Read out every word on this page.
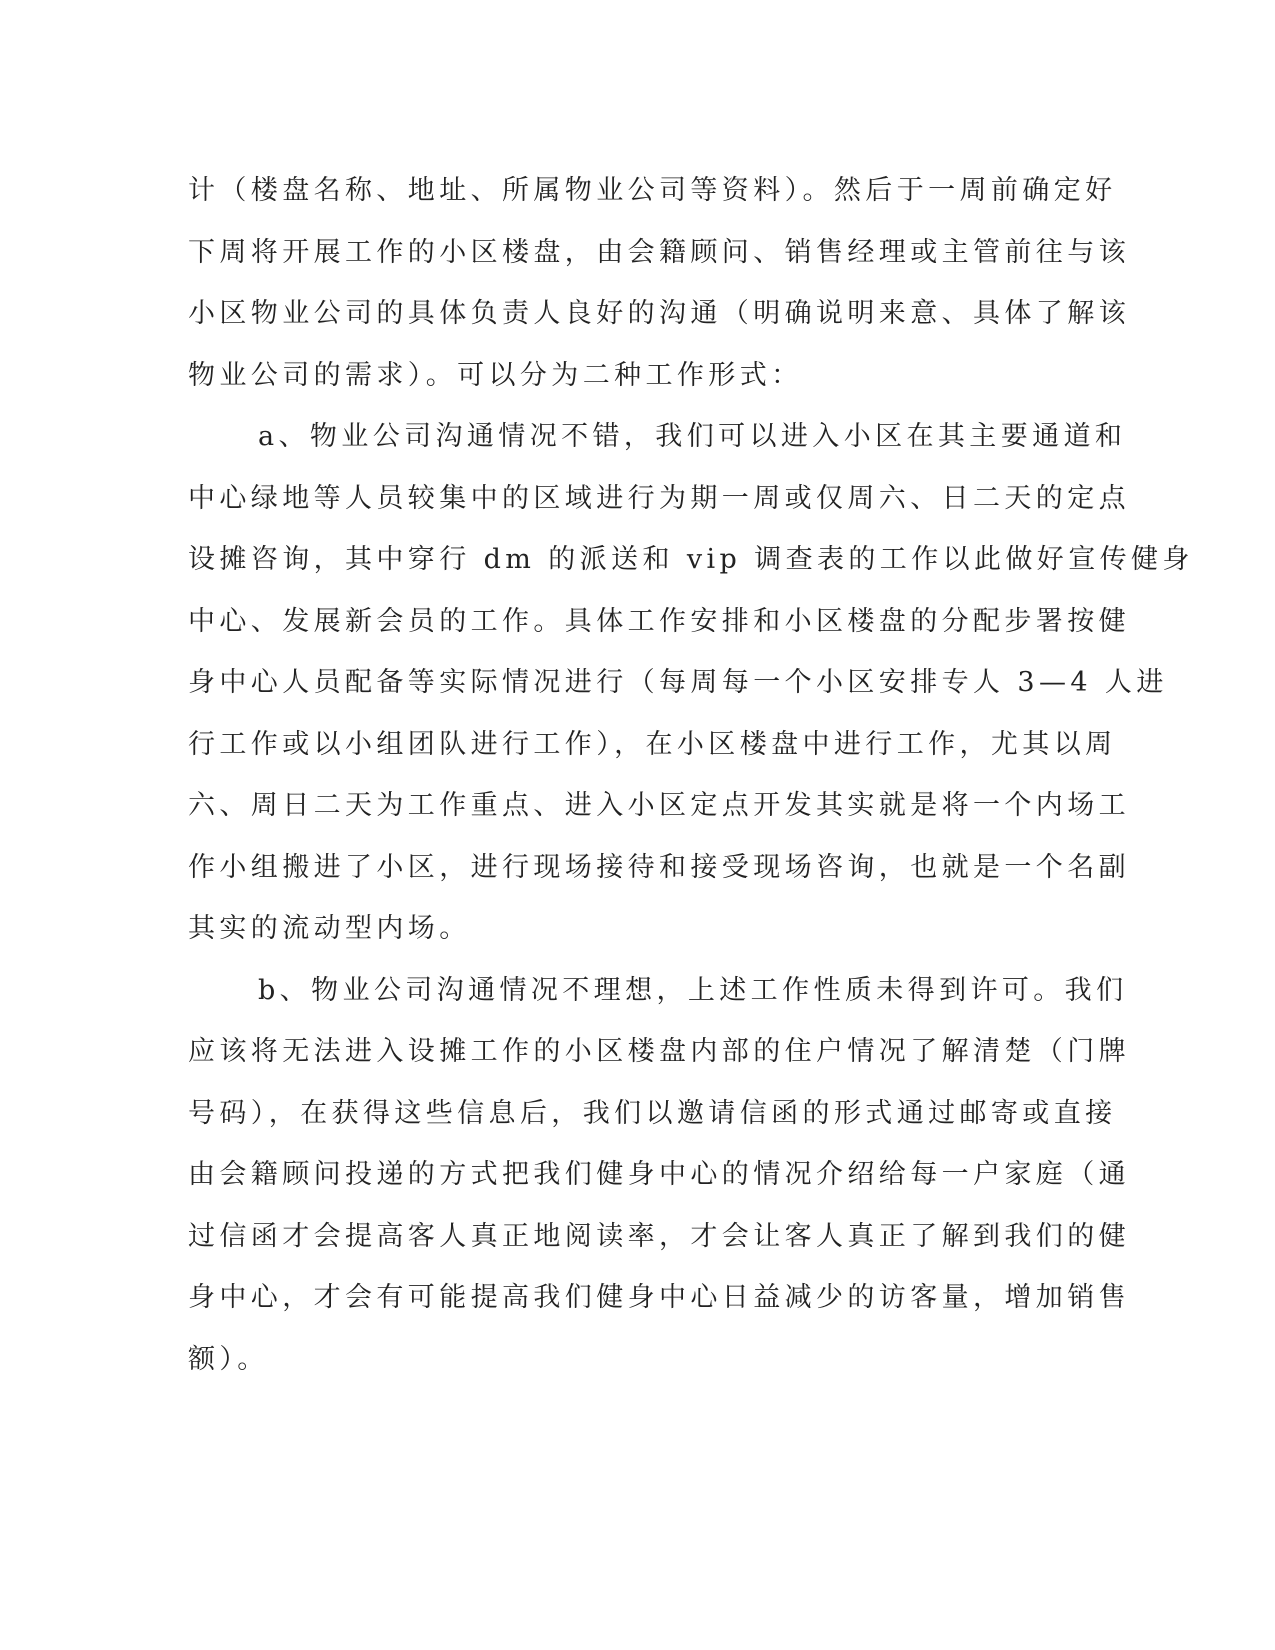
计（楼盘名称、地址、所属物业公司等资料）。然后于一周前确定好
下周将开展工作的小区楼盘，由会籍顾问、销售经理或主管前往与该
小区物业公司的具体负责人良好的沟通（明确说明来意、具体了解该
物业公司的需求）。可以分为二种工作形式：
a、物业公司沟通情况不错，我们可以进入小区在其主要通道和
中心绿地等人员较集中的区域进行为期一周或仅周六、日二天的定点
设摊咨询，其中穿行 dm 的派送和 vip 调查表的工作以此做好宣传健身
中心、发展新会员的工作。具体工作安排和小区楼盘的分配步署按健
身中心人员配备等实际情况进行（每周每一个小区安排专人 3—4 人进
行工作或以小组团队进行工作），在小区楼盘中进行工作，尤其以周
六、周日二天为工作重点、进入小区定点开发其实就是将一个内场工
作小组搬进了小区，进行现场接待和接受现场咨询，也就是一个名副
其实的流动型内场。
b、物业公司沟通情况不理想，上述工作性质未得到许可。我们
应该将无法进入设摊工作的小区楼盘内部的住户情况了解清楚（门牌
号码），在获得这些信息后，我们以邀请信函的形式通过邮寄或直接
由会籍顾问投递的方式把我们健身中心的情况介绍给每一户家庭（通
过信函才会提高客人真正地阅读率，才会让客人真正了解到我们的健
身中心，才会有可能提高我们健身中心日益减少的访客量，增加销售
额）。
